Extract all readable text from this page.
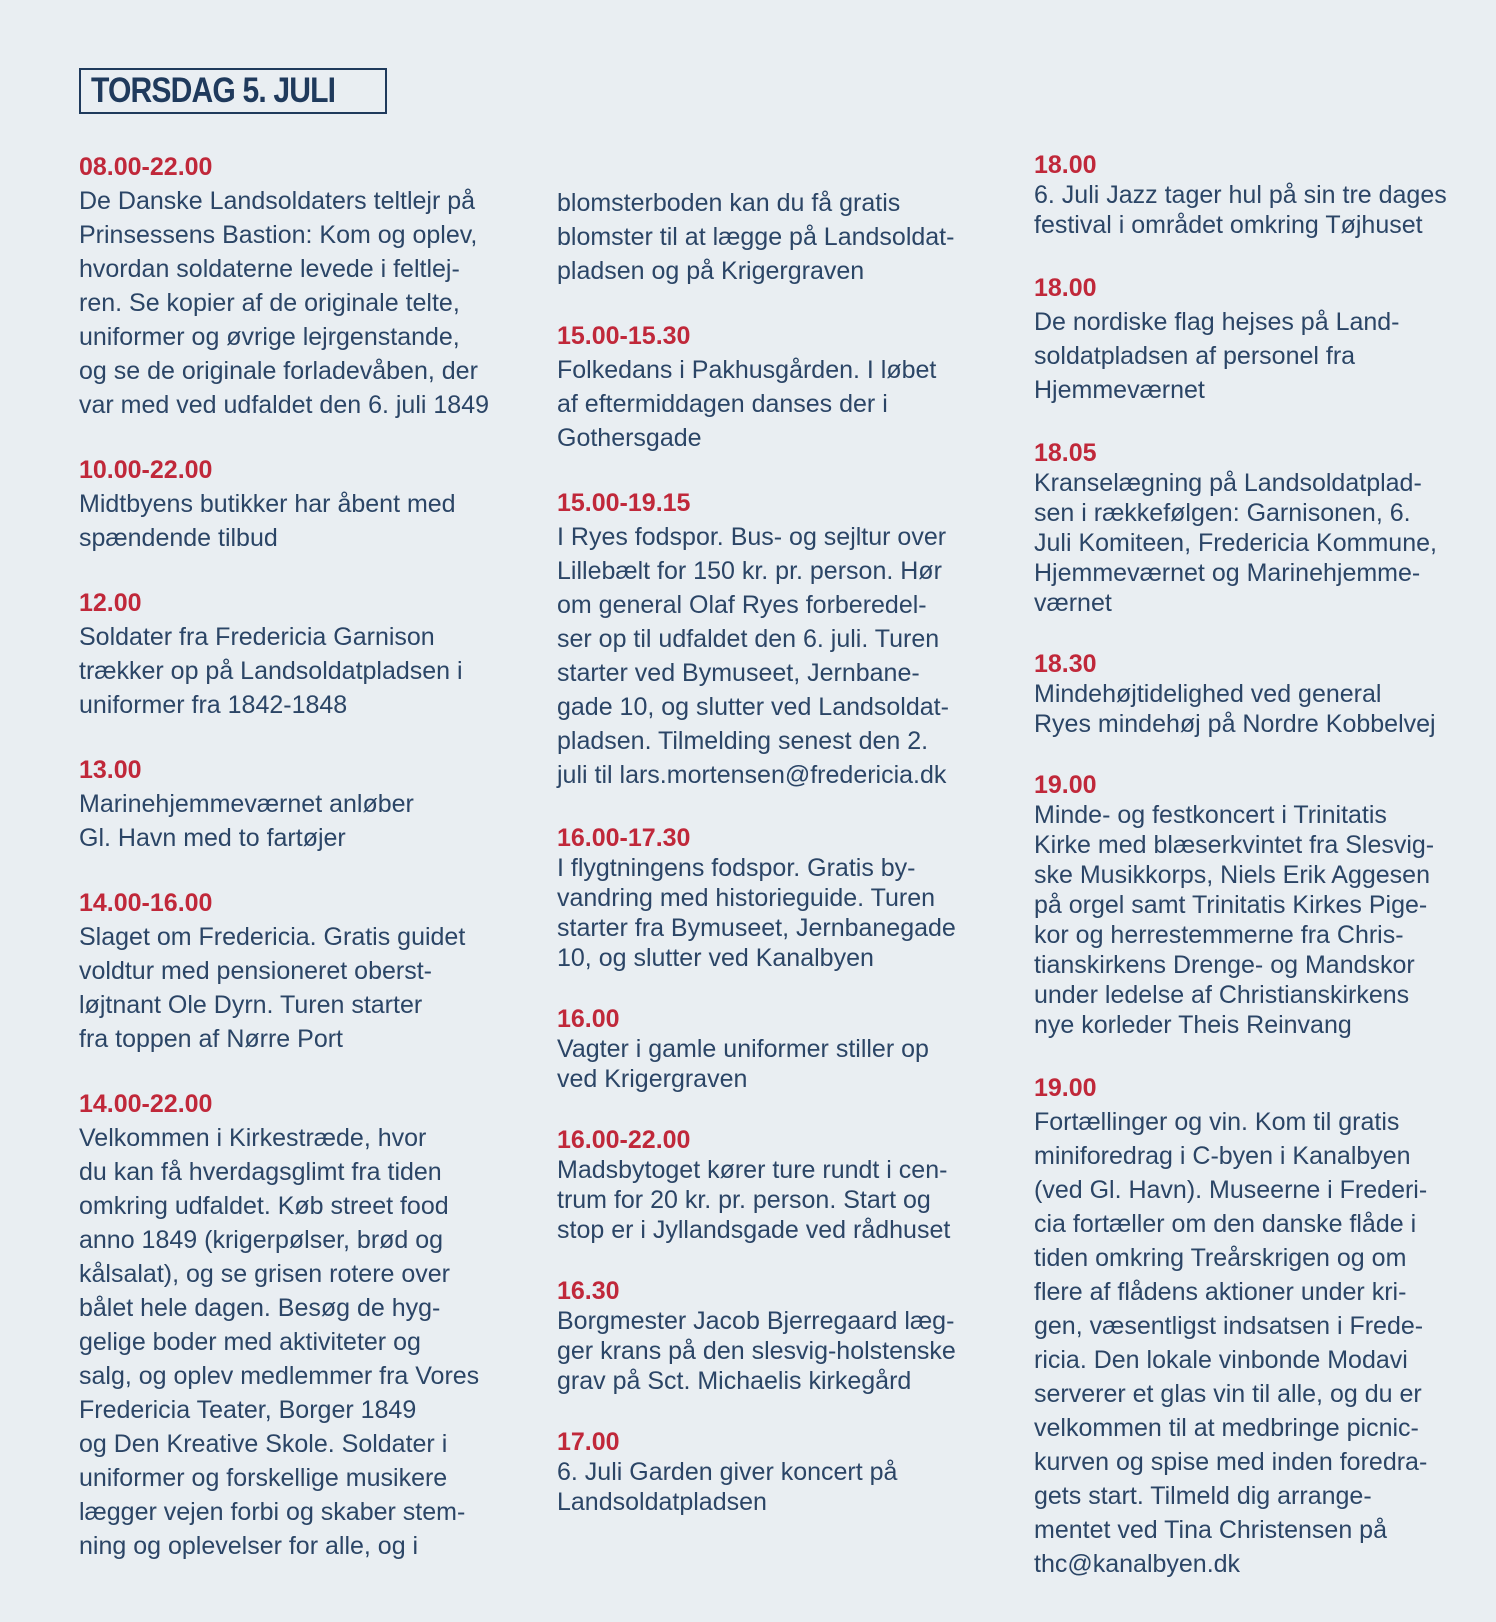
TORSDAG 5. JULI
08.00-22.00
De Danske Landsoldaters teltlejr på
Prinsessens Bastion: Kom og oplev,
hvordan soldaterne levede i feltlej-
ren. Se kopier af de originale telte,
uniformer og øvrige lejrgenstande,
og se de originale forladevåben, der
var med ved udfaldet den 6. juli 1849
10.00-22.00
Midtbyens butikker har åbent med
spændende tilbud
12.00
Soldater fra Fredericia Garnison
trækker op på Landsoldatpladsen i
uniformer fra 1842-1848
13.00
Marinehjemmeværnet anløber
Gl. Havn med to fartøjer
14.00-16.00
Slaget om Fredericia. Gratis guidet
voldtur med pensioneret oberst-
løjtnant Ole Dyrn. Turen starter
fra toppen af Nørre Port
14.00-22.00
Velkommen i Kirkestræde, hvor
du kan få hverdagsglimt fra tiden
omkring udfaldet. Køb street food
anno 1849 (krigerpølser, brød og
kålsalat), og se grisen rotere over
bålet hele dagen. Besøg de hyg-
gelige boder med aktiviteter og
salg, og oplev medlemmer fra Vores
Fredericia Teater, Borger 1849
og Den Kreative Skole. Soldater i
uniformer og forskellige musikere
lægger vejen forbi og skaber stem-
ning og oplevelser for alle, og i
blomsterboden kan du få gratis
blomster til at lægge på Landsoldat-
pladsen og på Krigergraven
15.00-15.30
Folkedans i Pakhusgården. I løbet
af eftermiddagen danses der i
Gothersgade
15.00-19.15
I Ryes fodspor. Bus- og sejltur over
Lillebælt for 150 kr. pr. person. Hør
om general Olaf Ryes forberedel-
ser op til udfaldet den 6. juli. Turen
starter ved Bymuseet, Jernbane-
gade 10, og slutter ved Landsoldat-
pladsen. Tilmelding senest den 2.
juli til lars.mortensen@fredericia.dk
16.00-17.30
I flygtningens fodspor. Gratis by-
vandring med historieguide. Turen
starter fra Bymuseet, Jernbanegade
10, og slutter ved Kanalbyen
16.00
Vagter i gamle uniformer stiller op
ved Krigergraven
16.00-22.00
Madsbytoget kører ture rundt i cen-
trum for 20 kr. pr. person. Start og
stop er i Jyllandsgade ved rådhuset
16.30
Borgmester Jacob Bjerregaard læg-
ger krans på den slesvig-holstenske
grav på Sct. Michaelis kirkegård
17.00
6. Juli Garden giver koncert på
Landsoldatpladsen
18.00
6. Juli Jazz tager hul på sin tre dages
festival i området omkring Tøjhuset
18.00
De nordiske flag hejses på Land-
soldatpladsen af personel fra
Hjemmeværnet
18.05
Kranselægning på Landsoldatplad-
sen i rækkefølgen: Garnisonen, 6.
Juli Komiteen, Fredericia Kommune,
Hjemmeværnet og Marinehjemme-
værnet
18.30
Mindehøjtidelighed ved general
Ryes mindehøj på Nordre Kobbelvej
19.00
Minde- og festkoncert i Trinitatis
Kirke med blæserkvintet fra Slesvig-
ske Musikkorps, Niels Erik Aggesen
på orgel samt Trinitatis Kirkes Pige-
kor og herrestemmerne fra Chris-
tianskirkens Drenge- og Mandskor
under ledelse af Christianskirkens
nye korleder Theis Reinvang
19.00
Fortællinger og vin. Kom til gratis
miniforedrag i C-byen i Kanalbyen
(ved Gl. Havn). Museerne i Frederi-
cia fortæller om den danske flåde i
tiden omkring Treårskrigen og om
flere af flådens aktioner under kri-
gen, væsentligst indsatsen i Frede-
ricia. Den lokale vinbonde Modavi
serverer et glas vin til alle, og du er
velkommen til at medbringe picnic-
kurven og spise med inden foredra-
gets start. Tilmeld dig arrange-
mentet ved Tina Christensen på
thc@kanalbyen.dk
